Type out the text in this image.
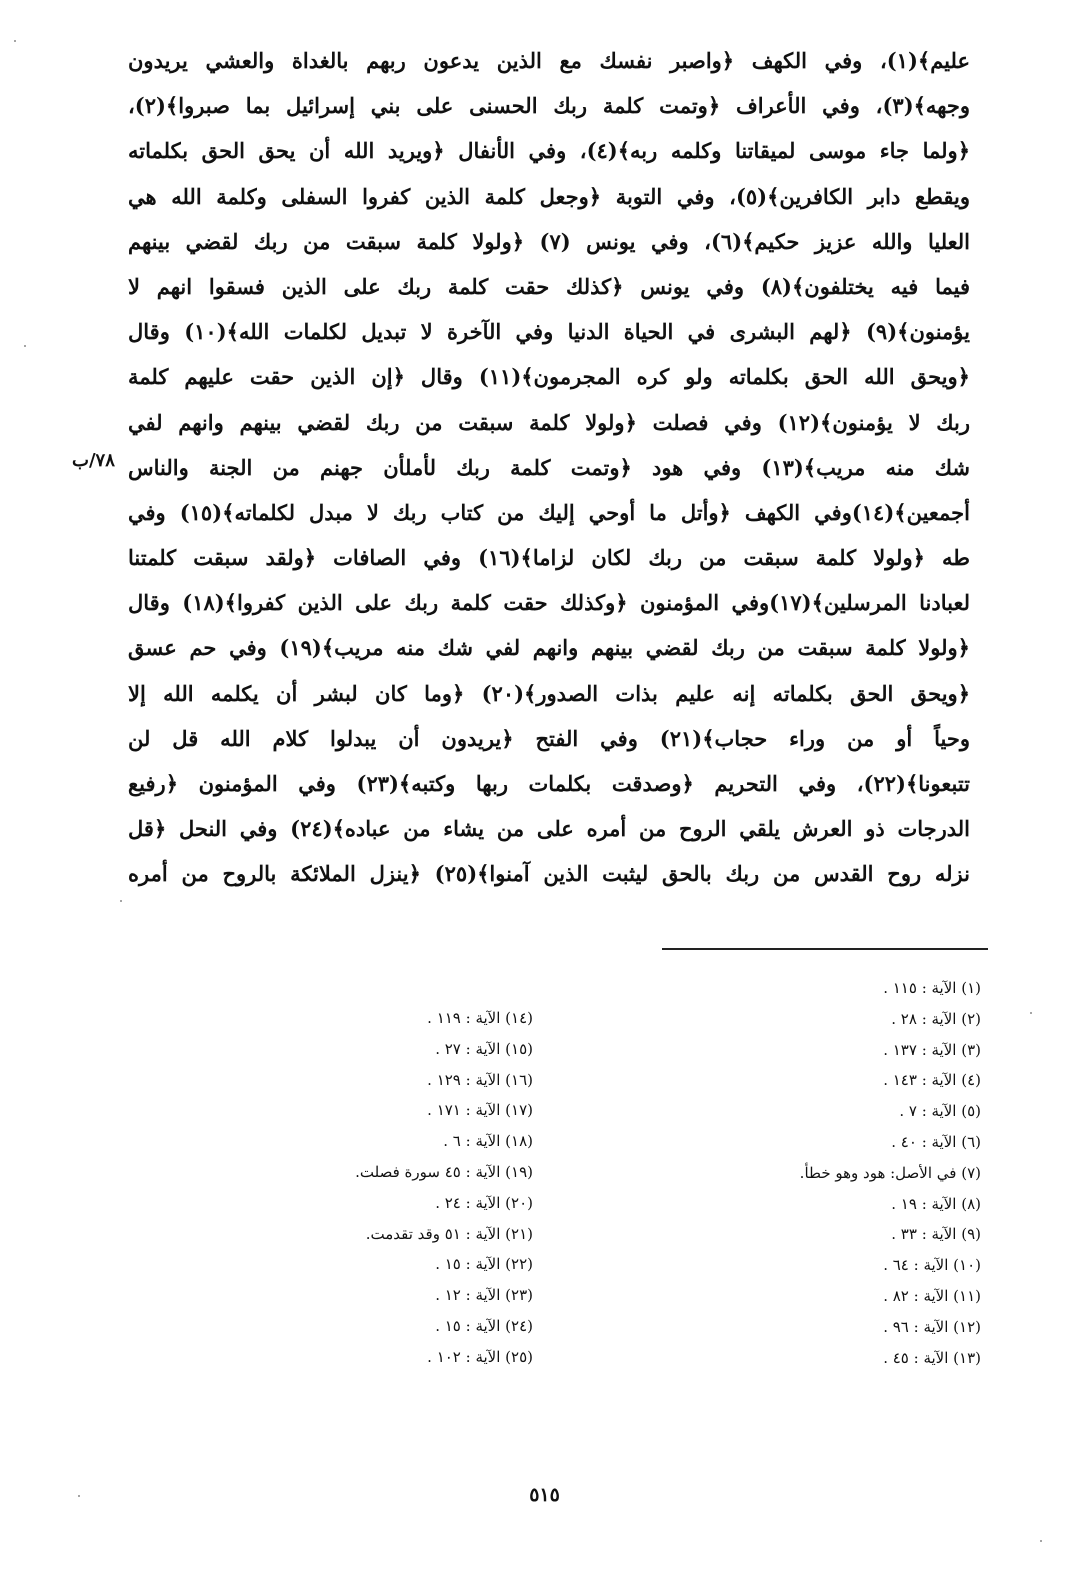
عليم﴾(١)، وفي الكهف ﴿واصبر نفسك مع الذين يدعون ربهم بالغداة والعشي يريدون
وجهه﴾(٣)، وفي الأعراف ﴿وتمت كلمة ربك الحسنى على بني إسرائيل بما صبروا﴾(٢)،
﴿ولما جاء موسى لميقاتنا وكلمه ربه﴾(٤)، وفي الأنفال ﴿ويريد الله أن يحق الحق بكلماته
ويقطع دابر الكافرين﴾(٥)، وفي التوبة ﴿وجعل كلمة الذين كفروا السفلى وكلمة الله هي
العليا والله عزيز حكيم﴾(٦)، وفي يونس (٧) ﴿ولولا كلمة سبقت من ربك لقضي بينهم
فيما فيه يختلفون﴾(٨) وفي يونس ﴿كذلك حقت كلمة ربك على الذين فسقوا انهم لا
يؤمنون﴾(٩) ﴿لهم البشرى في الحياة الدنيا وفي الآخرة لا تبديل لكلمات الله﴾(١٠) وقال
﴿ويحق الله الحق بكلماته ولو كره المجرمون﴾(١١) وقال ﴿إن الذين حقت عليهم كلمة
ربك لا يؤمنون﴾(١٢) وفي فصلت ﴿ولولا كلمة سبقت من ربك لقضي بينهم وانهم لفي
شك منه مريب﴾(١٣) وفي هود ﴿وتمت كلمة ربك لأملأن جهنم من الجنة والناس
أجمعين﴾(١٤)وفي الكهف ﴿وأتل ما أوحي إليك من كتاب ربك لا مبدل لكلماته﴾(١٥) وفي
طه ﴿ولولا كلمة سبقت من ربك لكان لزاما﴾(١٦) وفي الصافات ﴿ولقد سبقت كلمتنا
لعبادنا المرسلين﴾(١٧)وفي المؤمنون ﴿وكذلك حقت كلمة ربك على الذين كفروا﴾(١٨) وقال
﴿ولولا كلمة سبقت من ربك لقضي بينهم وانهم لفي شك منه مريب﴾(١٩) وفي حم عسق
﴿ويحق الحق بكلماته إنه عليم بذات الصدور﴾(٢٠) ﴿وما كان لبشر أن يكلمه الله إلا
وحياً أو من وراء حجاب﴾(٢١) وفي الفتح ﴿يريدون أن يبدلوا كلام الله قل لن
تتبعونا﴾(٢٢)، وفي التحريم ﴿وصدقت بكلمات ربها وكتبه﴾(٢٣) وفي المؤمنون ﴿رفيع
الدرجات ذو العرش يلقي الروح من أمره على من يشاء من عباده﴾(٢٤) وفي النحل ﴿قل
نزله روح القدس من ربك بالحق ليثبت الذين آمنوا﴾(٢٥) ﴿ينزل الملائكة بالروح من أمره
٧٨/ب
(١) الآية : ١١٥ .
(٢) الآية : ٢٨ .
(٣) الآية : ١٣٧ .
(٤) الآية : ١٤٣ .
(٥) الآية : ٧ .
(٦) الآية : ٤٠ .
(٧) في الأصل: هود وهو خطأ.
(٨) الآية : ١٩ .
(٩) الآية : ٣٣ .
(١٠) الآية : ٦٤ .
(١١) الآية : ٨٢ .
(١٢) الآية : ٩٦ .
(١٣) الآية : ٤٥ .
(١٤) الآية : ١١٩ .
(١٥) الآية : ٢٧ .
(١٦) الآية : ١٢٩ .
(١٧) الآية : ١٧١ .
(١٨) الآية : ٦ .
(١٩) الآية : ٤٥ سورة فصلت.
(٢٠) الآية : ٢٤ .
(٢١) الآية : ٥١ وقد تقدمت.
(٢٢) الآية : ١٥ .
(٢٣) الآية : ١٢ .
(٢٤) الآية : ١٥ .
(٢٥) الآية : ١٠٢ .
٥١٥
